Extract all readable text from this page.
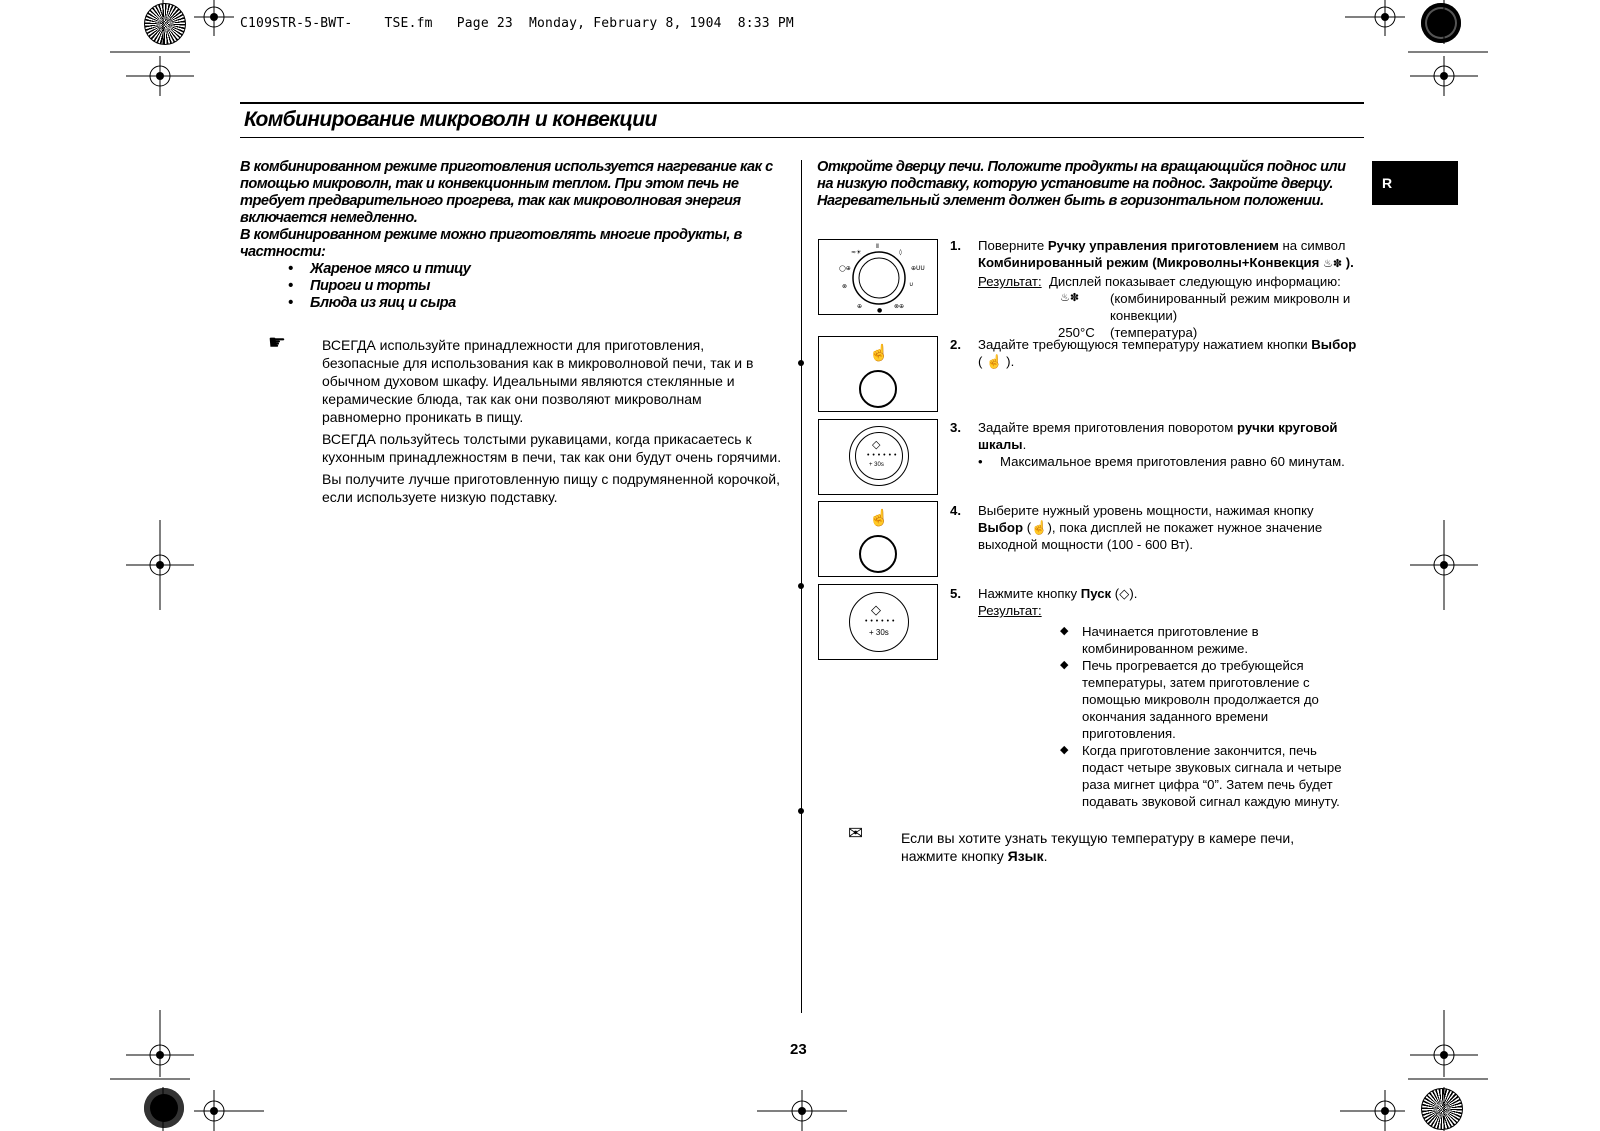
C109STR-5-BWT- TSE.fm Page 23 Monday, February 8, 1904 8:33 PM
Комбинирование микроволн и конвекции
R
В комбинированном режиме приготовления используется нагревание как с помощью микроволн, так и конвекционным теплом. При этом печь не требует предварительного прогрева, так как микроволновая энергия включается немедленно.
В комбинированном режиме можно приготовлять многие продукты, в частности:
• Жареное мясо и птицу
• Пироги и торты
• Блюда из яиц и сыра
☛	ВСЕГДА используйте принадлежности для приготовления, безопасные для использования как в микроволновой печи, так и в обычном духовом шкафу. Идеальными являются стеклянные и керамические блюда, так как они позволяют микроволнам равномерно проникать в пищу.

ВСЕГДА пользуйтесь толстыми рукавицами, когда прикасаетесь к кухонным принадлежностям в печи, так как они будут очень горячими.

Вы получите лучше приготовленную пищу с подрумяненной корочкой, если используете низкую подставку.

Откройте дверцу печи. Положите продукты на вращающийся поднос или на низкую подставку, которую установите на поднос. Закройте дверцу. Нагревательный элемент должен быть в горизонтальном положении.
≈☀
◯⊕
⊗
⊕
●
⊗⊕
∪
⊕UU
◊
Ⅱ
☝
◇
• • • • • •
+ 30s
☝
◇
• • • • • •
+ 30s
1. Поверните Ручку управления приготовлением на символ
Комбинированный режим (Микроволны+Конвекция ♨✽ ).
Результат: Дисплей показывает следующую информацию:
♨✽ (комбинированный режим микроволн и конвекции)
250°C (температура)
2. Задайте требующуюся температуру нажатием кнопки Выбор
( ☝ ).
3. Задайте время приготовления поворотом ручки круговой шкалы.
• Максимальное время приготовления равно 60 минутам.
4. Выберите нужный уровень мощности, нажимая кнопку
Выбор (☝), пока дисплей не покажет нужное значение выходной мощности (100 - 600 Вт).
5. Нажмите кнопку Пуск (◇).
Результат:
◆ Начинается приготовление в комбинированном режиме.
◆ Печь прогревается до требующейся температуры, затем приготовление с помощью микроволн продолжается до окончания заданного времени приготовления.
◆ Когда приготовление закончится, печь подаст четыре звуковых сигнала и четыре раза мигнет цифра “0”. Затем печь будет подавать звуковой сигнал каждую минуту.
✉	Если вы хотите узнать текущую температуру в камере печи,
нажмите кнопку Язык.
23
